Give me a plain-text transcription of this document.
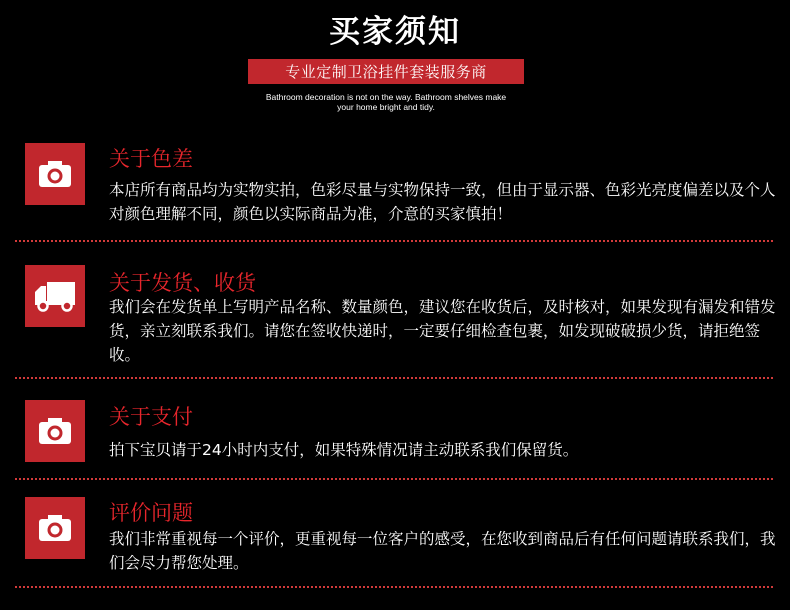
买家须知
专业定制卫浴挂件套装服务商
Bathroom decoration is not on the way. Bathroom shelves make
your home bright and tidy.
关于色差
本店所有商品均为实物实拍，色彩尽量与实物保持一致，但由于显示器、色彩光亮度偏差以及个人对颜色理解不同，颜色以实际商品为准，介意的买家慎拍！
关于发货、收货
我们会在发货单上写明产品名称、数量颜色，建议您在收货后，及时核对，如果发现有漏发和错发货，亲立刻联系我们。请您在签收快递时，一定要仔细检查包裹，如发现破破损少货，请拒绝签收。
关于支付
拍下宝贝请于24小时内支付，如果特殊情况请主动联系我们保留货。
评价问题
我们非常重视每一个评价，更重视每一位客户的感受，在您收到商品后有任何问题请联系我们，我们会尽力帮您处理。
